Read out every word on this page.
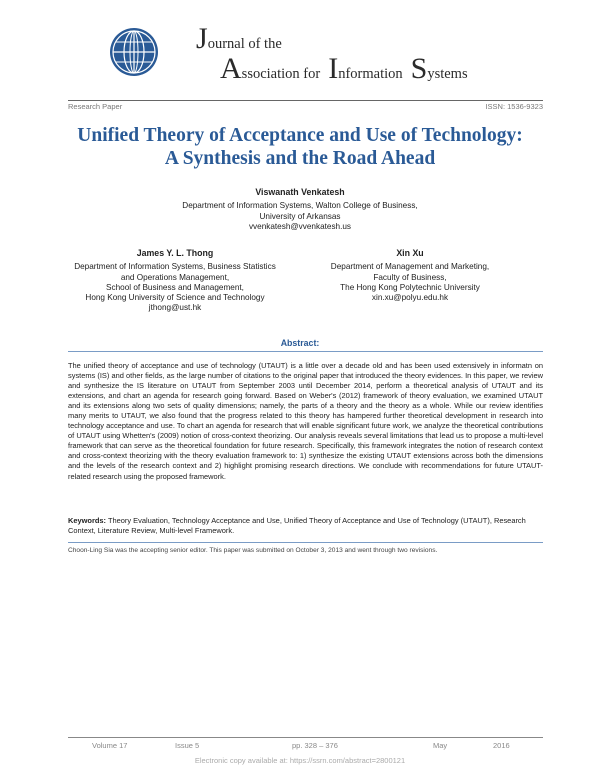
Journal of the
Association for Information Systems
Research Paper	ISSN: 1536-9323
Unified Theory of Acceptance and Use of Technology:
A Synthesis and the Road Ahead
Viswanath Venkatesh
Department of Information Systems, Walton College of Business,
University of Arkansas
vvenkatesh@vvenkatesh.us
James Y. L. Thong
Department of Information Systems, Business Statistics
and Operations Management,
School of Business and Management,
Hong Kong University of Science and Technology
jthong@ust.hk
Xin Xu
Department of Management and Marketing,
Faculty of Business,
The Hong Kong Polytechnic University
xin.xu@polyu.edu.hk
Abstract:

The unified theory of acceptance and use of technology (UTAUT) is a little over a decade old and has been used extensively in informatn on systems (IS) and other fields, as the large number of citations to the original paper that introduced the theory evidences. In this paper, we review and synthesize the IS literature on UTAUT from September 2003 until December 2014, perform a theoretical analysis of UTAUT and its extensions, and chart an agenda for research going forward. Based on Weber's (2012) framework of theory evaluation, we examined UTAUT and its extensions along two sets of quality dimensions; namely, the parts of a theory and the theory as a whole. While our review identifies many merits to UTAUT, we also found that the progress related to this theory has hampered further theoretical development in research into technology acceptance and use. To chart an agenda for research that will enable significant future work, we analyze the theoretical contributions of UTAUT using Whetten's (2009) notion of cross-context theorizing. Our analysis reveals several limitations that lead us to propose a multi-level framework that can serve as the theoretical foundation for future research. Specifically, this framework integrates the notion of research context and cross-context theorizing with the theory evaluation framework to: 1) synthesize the existing UTAUT extensions across both the dimensions and the levels of the research context and 2) highlight promising research directions. We conclude with recommendations for future UTAUT-related research using the proposed framework.

Keywords: Theory Evaluation, Technology Acceptance and Use, Unified Theory of Acceptance and Use of Technology (UTAUT), Research Context, Literature Review, Multi-level Framework.

Choon-Ling Sia was the accepting senior editor. This paper was submitted on October 3, 2013 and went through two revisions.

Volume 17	Issue 5	pp. 328 – 376	May	2016
Electronic copy available at: https://ssrn.com/abstract=2800121
